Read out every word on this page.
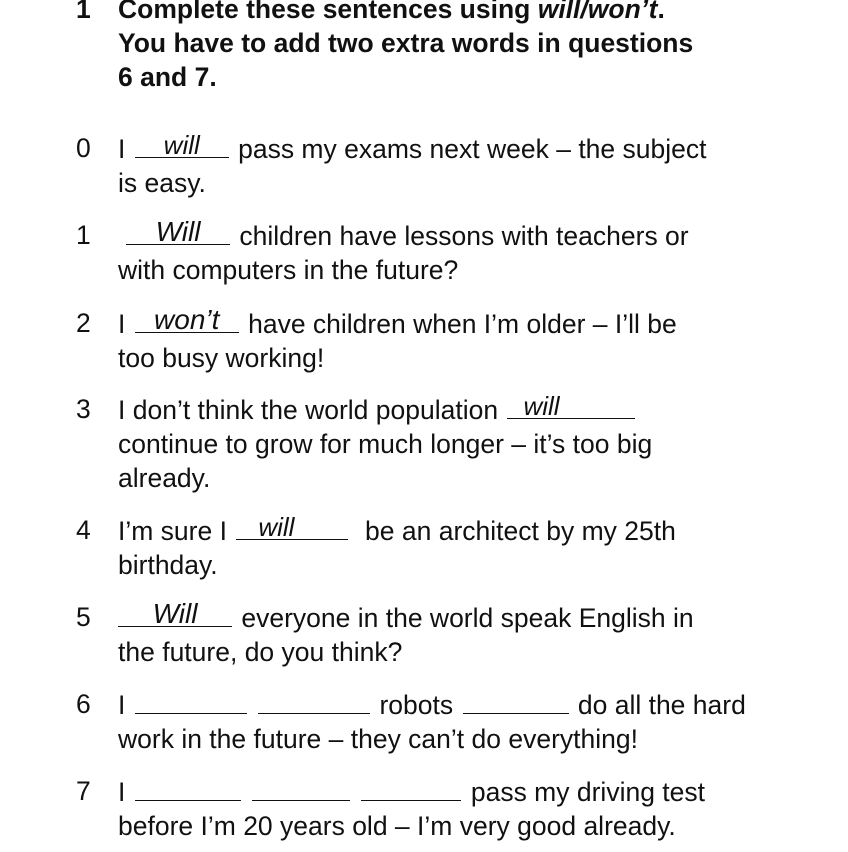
1 Complete these sentences using will/won’t.
You have to add two extra words in questions
6 and 7.
0 I	will	pass my exams next week – the subject
is easy.
1	Will	children have lessons with teachers or
with computers in the future?
2 I won’t have children when I’m older – I’ll be
too busy working!
3 I don’t think the world population will
continue to grow for much longer – it’s too big
already.
4 I’m sure I will be an architect by my 25th
birthday.
5	Will	everyone in the world speak English in
the future, do you think?
6 I	robots	do all the hard
work in the future – they can’t do everything!
7 I	pass my driving test
before I’m 20 years old – I’m very good already.
